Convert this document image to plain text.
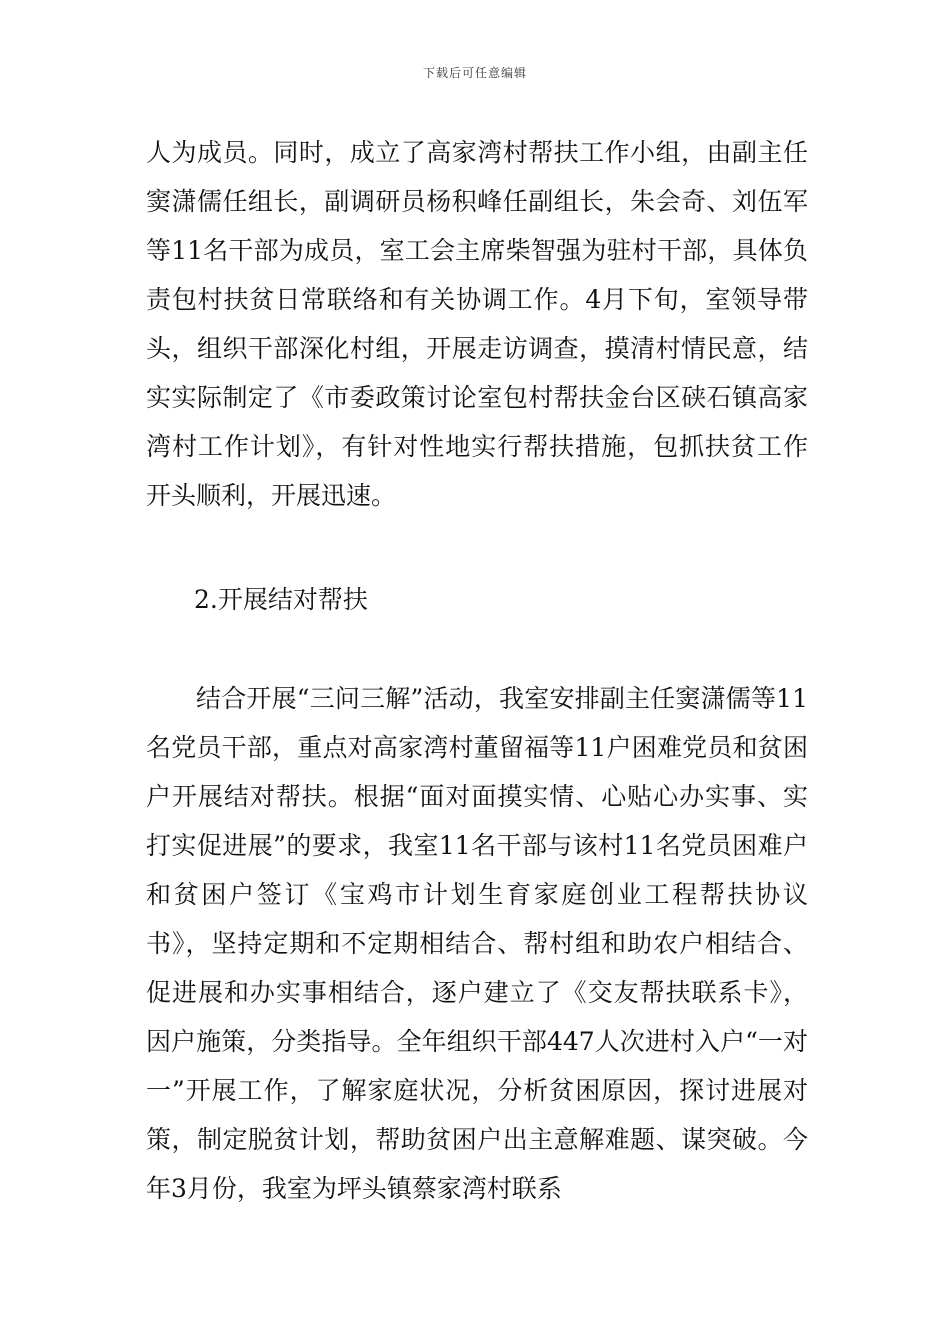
下载后可任意编辑

人为成员。同时，成立了高家湾村帮扶工作小组，由副主任窦潇儒任组长，副调研员杨积峰任副组长，朱会奇、刘伍军等11名干部为成员，室工会主席柴智强为驻村干部，具体负责包村扶贫日常联络和有关协调工作。4月下旬，室领导带头，组织干部深化村组，开展走访调查，摸清村情民意，结实实际制定了《市委政策讨论室包村帮扶金台区硖石镇高家湾村工作计划》，有针对性地实行帮扶措施，包抓扶贫工作开头顺利，开展迅速。

2.开展结对帮扶

结合开展“三问三解”活动，我室安排副主任窦潇儒等11名党员干部，重点对高家湾村董留福等11户困难党员和贫困户开展结对帮扶。根据“面对面摸实情、心贴心办实事、实打实促进展”的要求，我室11名干部与该村11名党员困难户和贫困户签订《宝鸡市计划生育家庭创业工程帮扶协议书》，坚持定期和不定期相结合、帮村组和助农户相结合、促进展和办实事相结合，逐户建立了《交友帮扶联系卡》，因户施策，分类指导。全年组织干部447人次进村入户“一对一”开展工作，了解家庭状况，分析贫困原因，探讨进展对策，制定脱贫计划，帮助贫困户出主意解难题、谋突破。今年3月份，我室为坪头镇蔡家湾村联系
